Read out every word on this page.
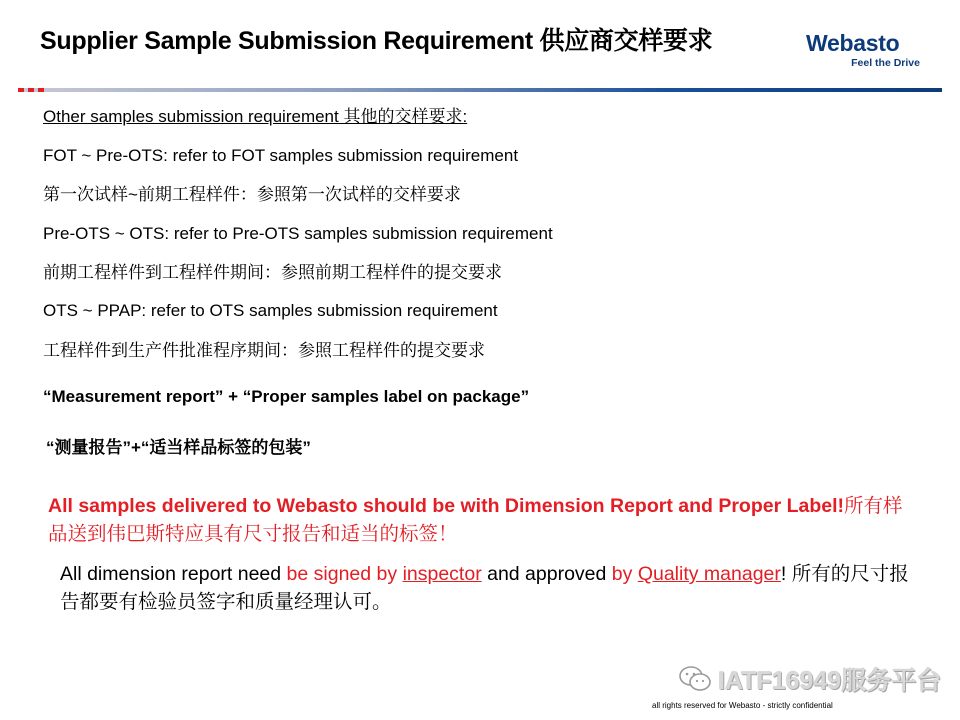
Supplier Sample Submission Requirement 供应商交样要求	Webasto
Feel the Drive

Other samples submission requirement 其他的交样要求:

FOT ~ Pre-OTS: refer to FOT samples submission requirement

第一次试样~前期工程样件：参照第一次试样的交样要求

Pre-OTS ~ OTS: refer to Pre-OTS samples submission requirement

前期工程样件到工程样件期间：参照前期工程样件的提交要求

OTS ~ PPAP: refer to OTS samples submission requirement

工程样件到生产件批准程序期间：参照工程样件的提交要求

“Measurement report” + “Proper samples label on package”

“测量报告”+“适当样品标签的包装”

All samples delivered to Webasto should be with Dimension Report and Proper Label!所有样品送到伟巴斯特应具有尺寸报告和适当的标签！

All dimension report need be signed by inspector and approved by Quality manager! 所有的尺寸报告都要有检验员签字和质量经理认可。

IATF16949服务平台
all rights reserved for Webasto - strictly confidential
